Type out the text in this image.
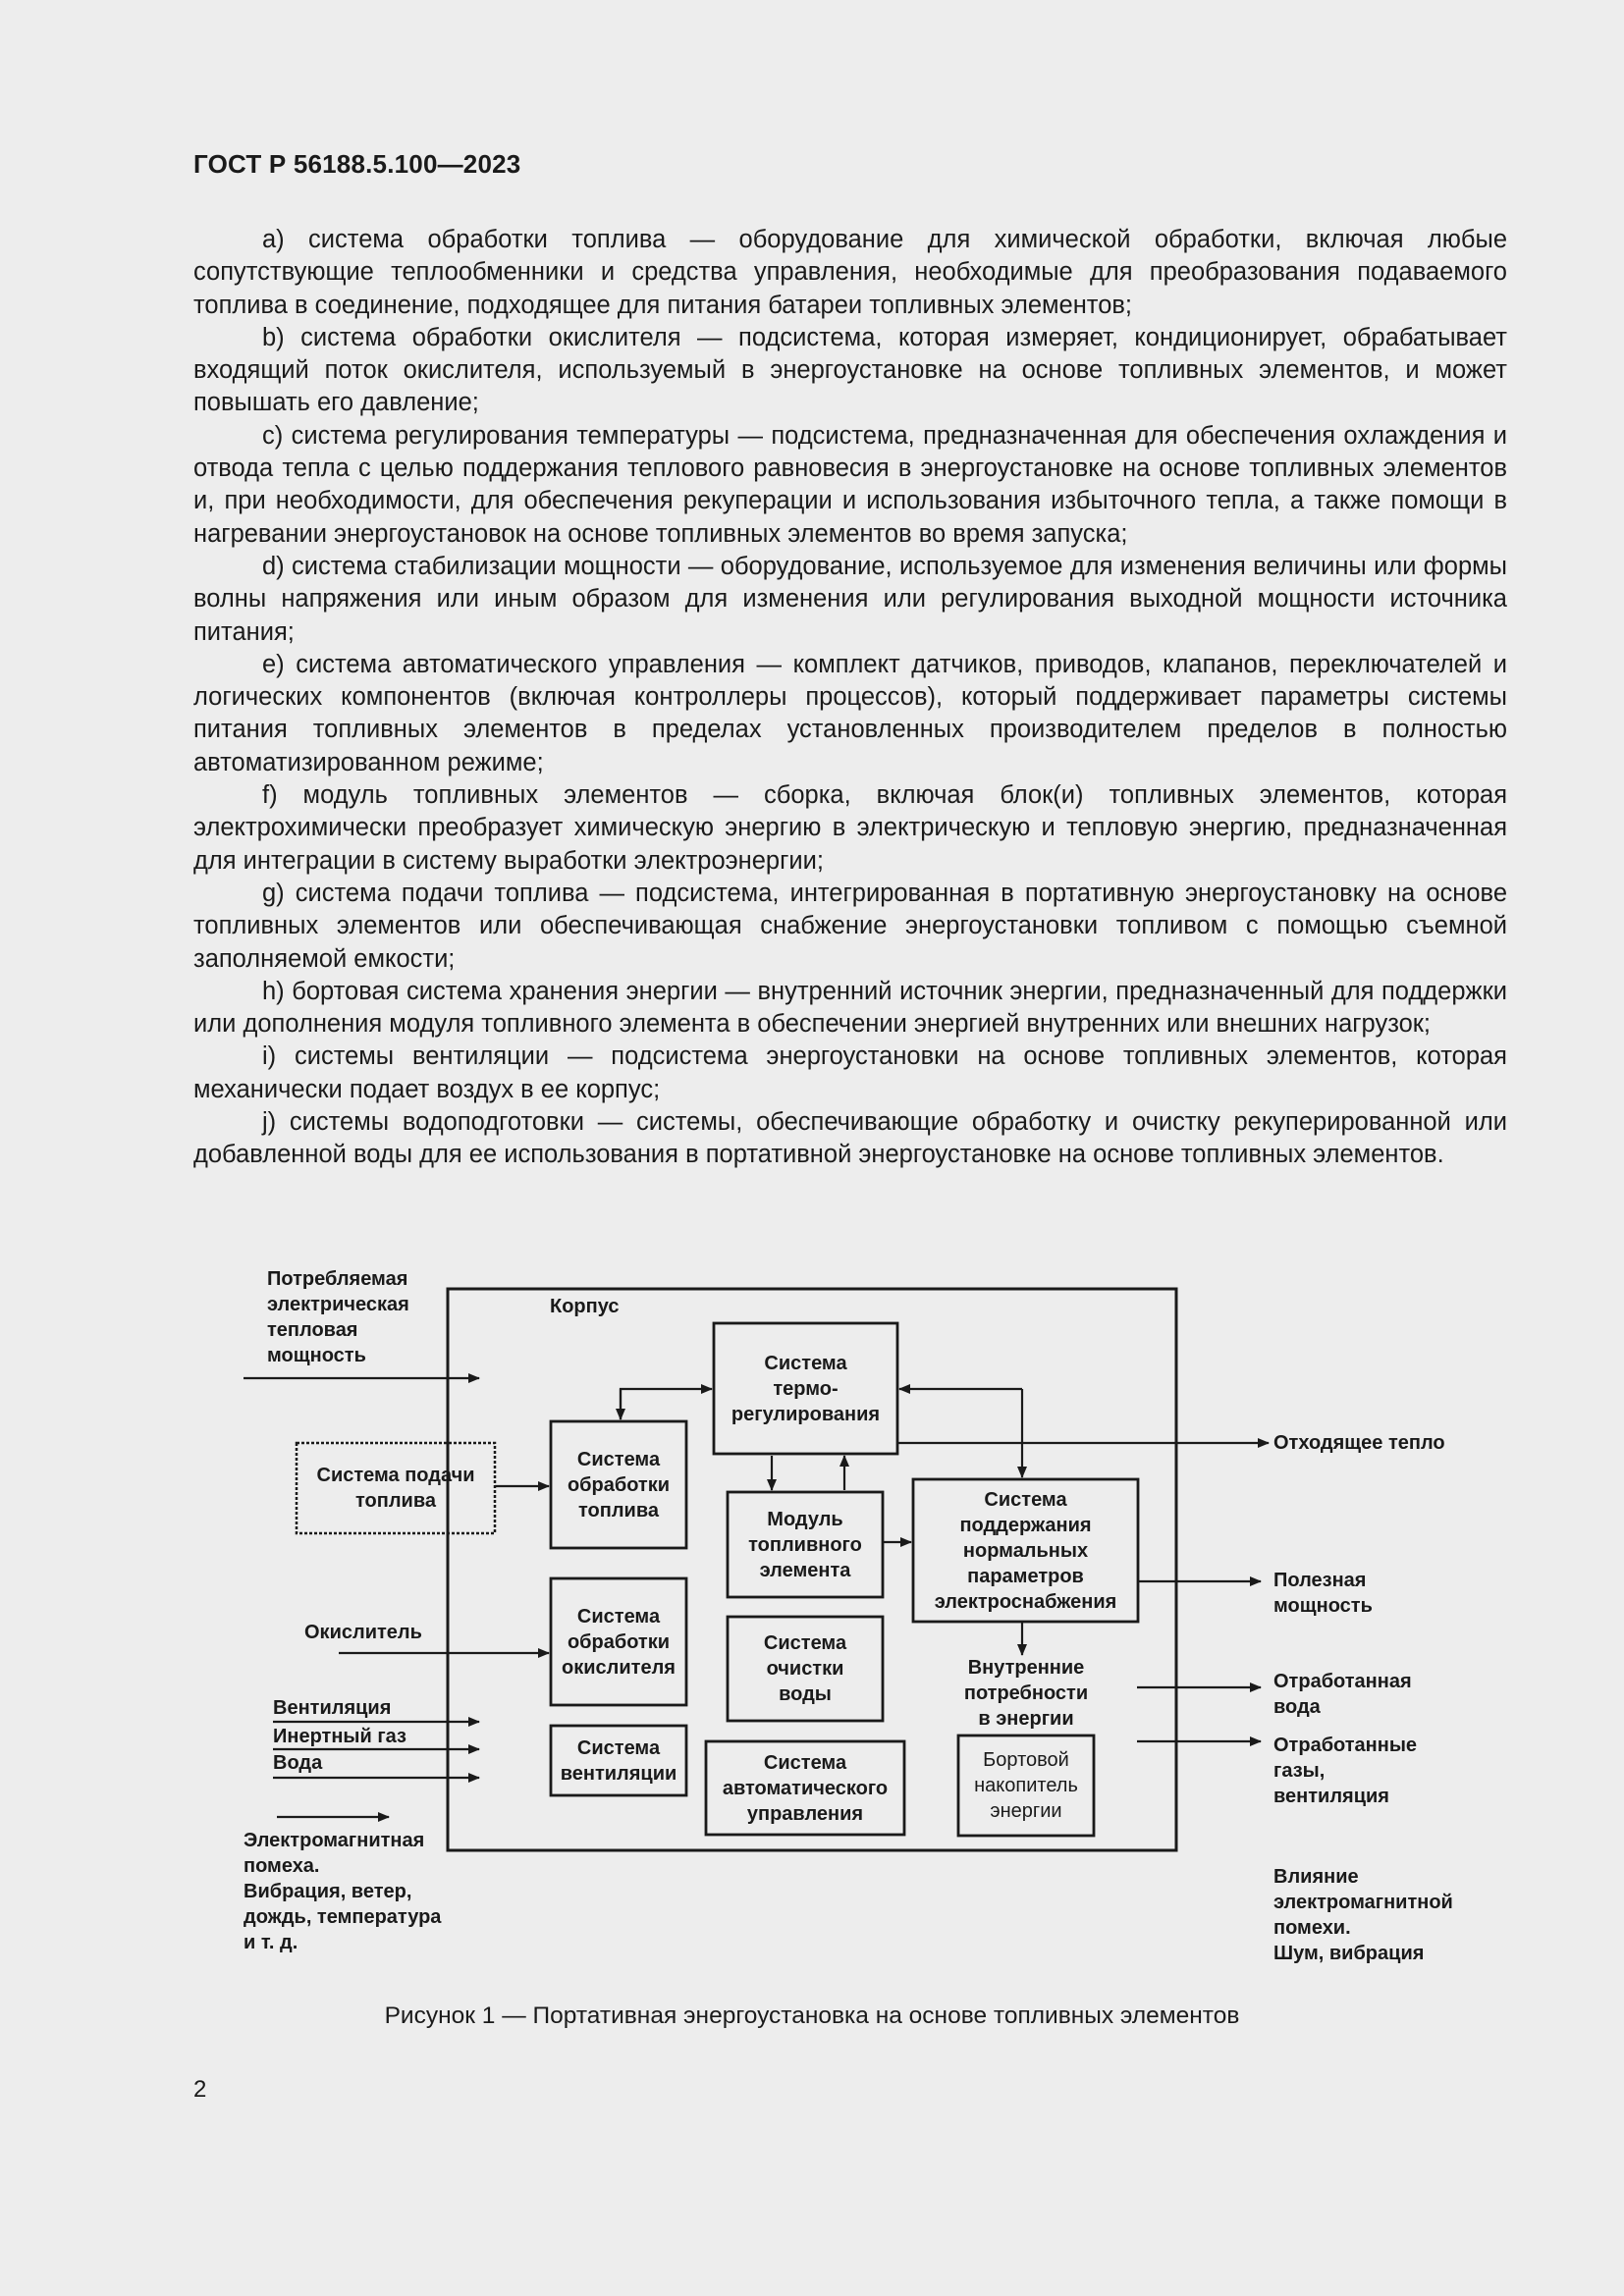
ГОСТ Р 56188.5.100—2023

a) система обработки топлива — оборудование для химической обработки, включая любые сопутствующие теплообменники и средства управления, необходимые для преобразования подаваемого топлива в соединение, подходящее для питания батареи топливных элементов;

b) система обработки окислителя — подсистема, которая измеряет, кондиционирует, обрабатывает входящий поток окислителя, используемый в энергоустановке на основе топливных элементов, и может повышать его давление;

c) система регулирования температуры — подсистема, предназначенная для обеспечения охлаждения и отвода тепла с целью поддержания теплового равновесия в энергоустановке на основе топливных элементов и, при необходимости, для обеспечения рекуперации и использования избыточного тепла, а также помощи в нагревании энергоустановок на основе топливных элементов во время запуска;

d) система стабилизации мощности — оборудование, используемое для изменения величины или формы волны напряжения или иным образом для изменения или регулирования выходной мощности источника питания;

e) система автоматического управления — комплект датчиков, приводов, клапанов, переключателей и логических компонентов (включая контроллеры процессов), который поддерживает параметры системы питания топливных элементов в пределах установленных производителем пределов в полностью автоматизированном режиме;

f) модуль топливных элементов — сборка, включая блок(и) топливных элементов, которая электрохимически преобразует химическую энергию в электрическую и тепловую энергию, предназначенная для интеграции в систему выработки электроэнергии;

g) система подачи топлива — подсистема, интегрированная в портативную энергоустановку на основе топливных элементов или обеспечивающая снабжение энергоустановки топливом с помощью съемной заполняемой емкости;

h) бортовая система хранения энергии — внутренний источник энергии, предназначенный для поддержки или дополнения модуля топливного элемента в обеспечении энергией внутренних или внешних нагрузок;

i) системы вентиляции — подсистема энергоустановки на основе топливных элементов, которая механически подает воздух в ее корпус;

j) системы водоподготовки — системы, обеспечивающие обработку и очистку рекуперированной или добавленной воды для ее использования в портативной энергоустановке на основе топливных элементов.

Корпус
Система
термо-
регулирования
Система подачи
топлива
Система
обработки
топлива	Модуль
топливного
элемента
Система
поддержания
нормальных
параметров
электроснабжения
Система
обработки
окислителя
Система
очистки
воды
Внутренние
потребности
в энергии
Система
вентиляции	Система
автоматического
управления
Бортовой
накопитель
энергии
Потребляемая
электрическая
тепловая
мощность
Окислитель
Вентиляция
Инертный газ
Вода
Электромагнитная
помеха.
Вибрация, ветер,
дождь, температура
и т. д.
Отходящее тепло
Полезная
мощность
Отработанная
вода
Отработанные
газы,
вентиляция
Влияние
электромагнитной
помехи.
Шум, вибрация
Рисунок 1 — Портативная энергоустановка на основе топливных элементов
2
